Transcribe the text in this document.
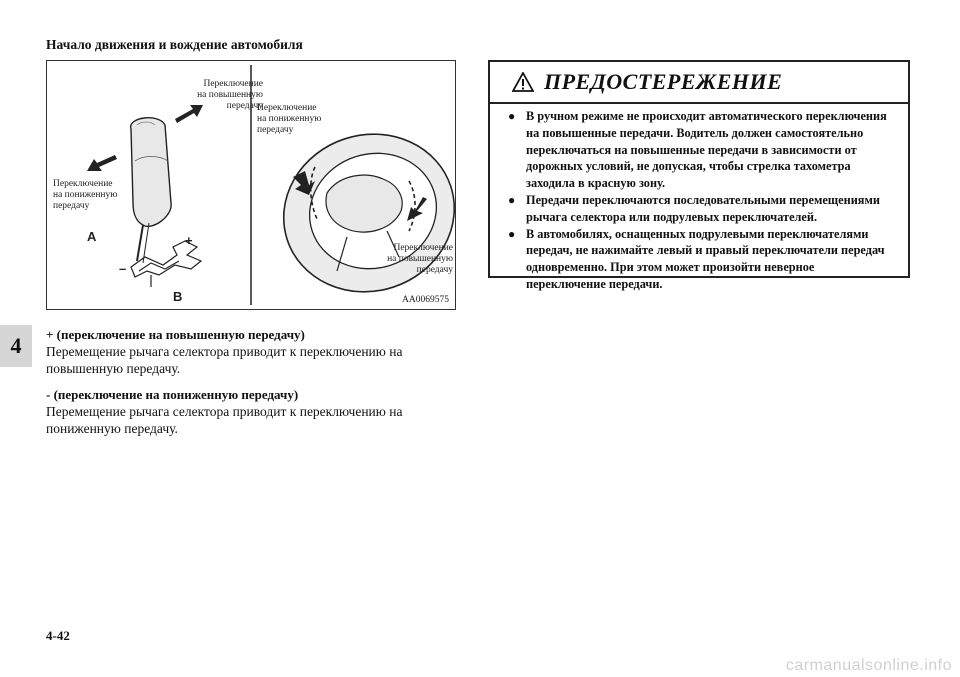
Начало движения и вождение автомобиля
4
Переключение
на повышенную
передачу
Переключение
на пониженную
передачу
Переключение
на пониженную
передачу
Переключение
на повышенную
передачу
A
B
+
–
AA0069575
ПРЕДОСТЕРЕЖЕНИЕ
● В ручном режиме не происходит автоматического переключения на повышенные передачи. Водитель должен самостоятельно переключаться на повышенные передачи в зависимости от дорожных условий, не допуская, чтобы стрелка тахометра заходила в красную зону.
● Передачи переключаются последовательными перемещениями рычага селектора или подрулевых переключателей.
● В автомобилях, оснащенных подрулевыми переключателями передач, не нажимайте левый и правый переключатели передач одновременно. При этом может произойти неверное переключение передачи.
+ (переключение на повышенную передачу)
Перемещение рычага селектора приводит к переключению на повышенную передачу.
- (переключение на пониженную передачу)
Перемещение рычага селектора приводит к переключению на пониженную передачу.
4-42
carmanualsonline.info
